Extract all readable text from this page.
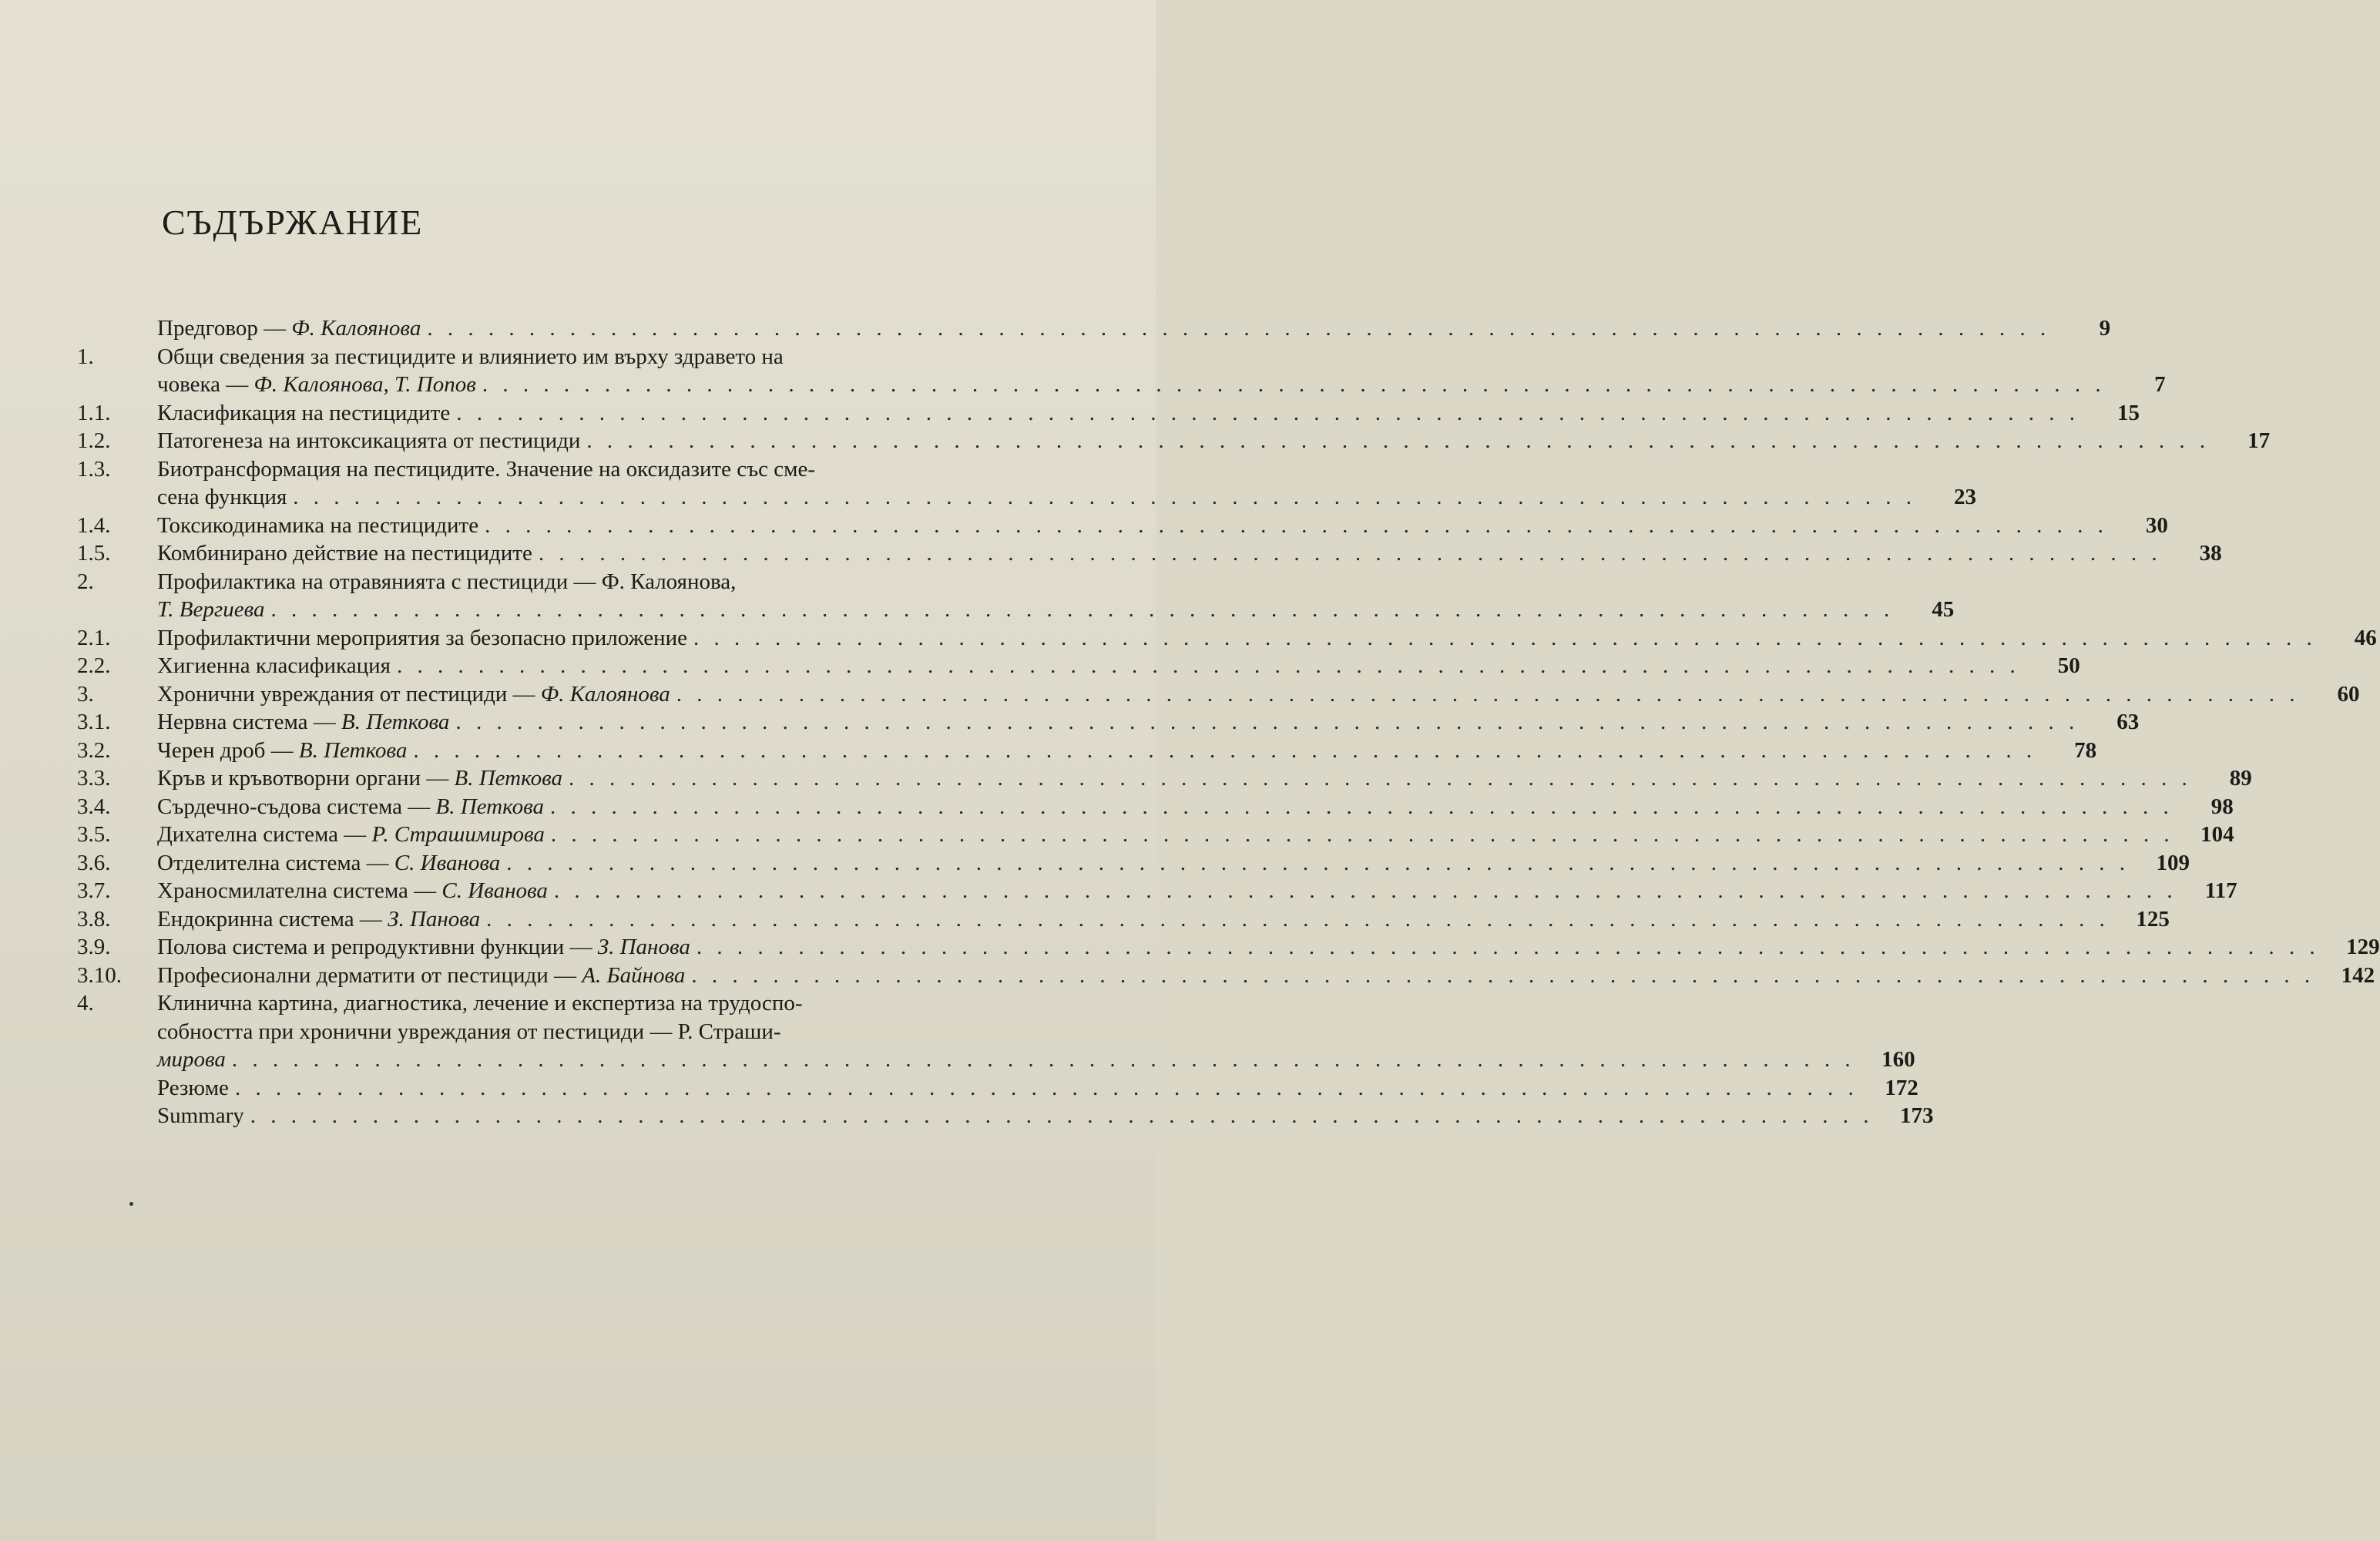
СЪДЪРЖАНИЕ
Предговор — Ф. Калоянова . . . . . . . . . . . . . . . . . . . . . . . . . . . . . . . . . . . . . . . . . . . . . . . . . . . . . . . . . . . . . . . . . . . . . . . . . . . . . . . .	9
1.	Общи сведения за пестицидите и влиянието им върху здравето на
човека — Ф. Калоянова, Т. Попов . . . . . . . . . . . . . . . . . . . . . . . . . . . . . . . . . . . . . . . . . . . . . . . . . . . . . . . . . . . . . . . . . . . . . . . . . . . . . . . .	7
1.1.	Класификация на пестицидите . . . . . . . . . . . . . . . . . . . . . . . . . . . . . . . . . . . . . . . . . . . . . . . . . . . . . . . . . . . . . . . . . . . . . . . . . . . . . . . .	15
1.2.	Патогенеза на интоксикацията от пестициди . . . . . . . . . . . . . . . . . . . . . . . . . . . . . . . . . . . . . . . . . . . . . . . . . . . . . . . . . . . . . . . . . . . . . . . . . . . . . . . .	17
1.3.	Биотрансформация на пестицидите. Значение на оксидазите със сме-
сена функция . . . . . . . . . . . . . . . . . . . . . . . . . . . . . . . . . . . . . . . . . . . . . . . . . . . . . . . . . . . . . . . . . . . . . . . . . . . . . . . .	23
1.4.	Токсикодинамика на пестицидите . . . . . . . . . . . . . . . . . . . . . . . . . . . . . . . . . . . . . . . . . . . . . . . . . . . . . . . . . . . . . . . . . . . . . . . . . . . . . . . .	30
1.5.	Комбинирано действие на пестицидите . . . . . . . . . . . . . . . . . . . . . . . . . . . . . . . . . . . . . . . . . . . . . . . . . . . . . . . . . . . . . . . . . . . . . . . . . . . . . . . .	38
2.	Профилактика на отравянията с пестициди — Ф. Калоянова,
Т. Вергиева . . . . . . . . . . . . . . . . . . . . . . . . . . . . . . . . . . . . . . . . . . . . . . . . . . . . . . . . . . . . . . . . . . . . . . . . . . . . . . . .	45
2.1.	Профилактични мероприятия за безопасно приложение . . . . . . . . . . . . . . . . . . . . . . . . . . . . . . . . . . . . . . . . . . . . . . . . . . . . . . . . . . . . . . . . . . . . . . . . . . . . . . . .	46
2.2.	Хигиенна класификация . . . . . . . . . . . . . . . . . . . . . . . . . . . . . . . . . . . . . . . . . . . . . . . . . . . . . . . . . . . . . . . . . . . . . . . . . . . . . . . .	50
3.	Хронични увреждания от пестициди — Ф. Калоянова . . . . . . . . . . . . . . . . . . . . . . . . . . . . . . . . . . . . . . . . . . . . . . . . . . . . . . . . . . . . . . . . . . . . . . . . . . . . . . . .	60
3.1.	Нервна система — В. Петкова . . . . . . . . . . . . . . . . . . . . . . . . . . . . . . . . . . . . . . . . . . . . . . . . . . . . . . . . . . . . . . . . . . . . . . . . . . . . . . . .	63
3.2.	Черен дроб — В. Петкова . . . . . . . . . . . . . . . . . . . . . . . . . . . . . . . . . . . . . . . . . . . . . . . . . . . . . . . . . . . . . . . . . . . . . . . . . . . . . . . .	78
3.3.	Кръв и кръвотворни органи — В. Петкова . . . . . . . . . . . . . . . . . . . . . . . . . . . . . . . . . . . . . . . . . . . . . . . . . . . . . . . . . . . . . . . . . . . . . . . . . . . . . . . .	89
3.4.	Сърдечно-съдова система — В. Петкова . . . . . . . . . . . . . . . . . . . . . . . . . . . . . . . . . . . . . . . . . . . . . . . . . . . . . . . . . . . . . . . . . . . . . . . . . . . . . . . .	98
3.5.	Дихателна система — Р. Страшимирова . . . . . . . . . . . . . . . . . . . . . . . . . . . . . . . . . . . . . . . . . . . . . . . . . . . . . . . . . . . . . . . . . . . . . . . . . . . . . . . .	104
3.6.	Отделителна система — С. Иванова . . . . . . . . . . . . . . . . . . . . . . . . . . . . . . . . . . . . . . . . . . . . . . . . . . . . . . . . . . . . . . . . . . . . . . . . . . . . . . . .	109
3.7.	Храносмилателна система — С. Иванова . . . . . . . . . . . . . . . . . . . . . . . . . . . . . . . . . . . . . . . . . . . . . . . . . . . . . . . . . . . . . . . . . . . . . . . . . . . . . . . .	117
3.8.	Ендокринна система — З. Панова . . . . . . . . . . . . . . . . . . . . . . . . . . . . . . . . . . . . . . . . . . . . . . . . . . . . . . . . . . . . . . . . . . . . . . . . . . . . . . . .	125
3.9.	Полова система и репродуктивни функции — З. Панова . . . . . . . . . . . . . . . . . . . . . . . . . . . . . . . . . . . . . . . . . . . . . . . . . . . . . . . . . . . . . . . . . . . . . . . . . . . . . . . .	129
3.10.	Професионални дерматити от пестициди — А. Байнова . . . . . . . . . . . . . . . . . . . . . . . . . . . . . . . . . . . . . . . . . . . . . . . . . . . . . . . . . . . . . . . . . . . . . . . . . . . . . . . .	142
4.	Клинична картина, диагностика, лечение и експертиза на трудоспо-
собността при хронични увреждания от пестициди — Р. Страши-
мирова . . . . . . . . . . . . . . . . . . . . . . . . . . . . . . . . . . . . . . . . . . . . . . . . . . . . . . . . . . . . . . . . . . . . . . . . . . . . . . . .	160
Резюме . . . . . . . . . . . . . . . . . . . . . . . . . . . . . . . . . . . . . . . . . . . . . . . . . . . . . . . . . . . . . . . . . . . . . . . . . . . . . . . .	172
Summary . . . . . . . . . . . . . . . . . . . . . . . . . . . . . . . . . . . . . . . . . . . . . . . . . . . . . . . . . . . . . . . . . . . . . . . . . . . . . . . .	173
